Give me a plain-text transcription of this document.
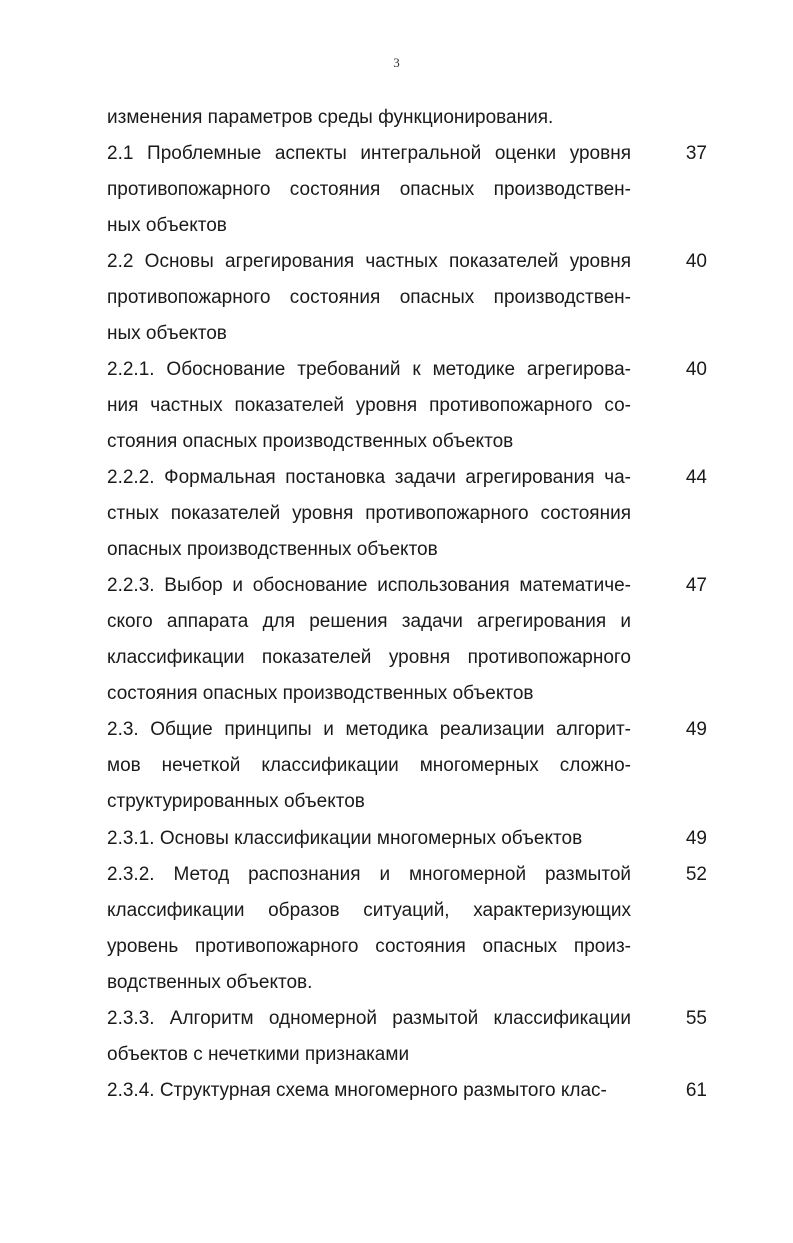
3
изменения параметров среды функционирования.
2.1 Проблемные аспекты интегральной оценки уровня
противопожарного состояния опасных производствен-
ных объектов
37
2.2 Основы агрегирования частных показателей уровня
противопожарного состояния опасных производствен-
ных объектов
40
2.2.1. Обоснование требований к методике агрегирова-
ния частных показателей уровня противопожарного со-
стояния опасных производственных объектов
40
2.2.2. Формальная постановка задачи агрегирования ча-
стных показателей уровня противопожарного состояния
опасных производственных объектов
44
2.2.3. Выбор и обоснование использования математиче-
ского аппарата для решения задачи агрегирования и
классификации показателей уровня противопожарного
состояния опасных производственных объектов
47
2.3. Общие принципы и методика реализации алгорит-
мов нечеткой классификации многомерных сложно-
структурированных объектов
49
2.3.1. Основы классификации многомерных объектов	49
2.3.2. Метод распознания и многомерной размытой
классификации образов ситуаций, характеризующих
уровень противопожарного состояния опасных произ-
водственных объектов.
52
2.3.3. Алгоритм одномерной размытой классификации
объектов с нечеткими признаками
55
2.3.4. Структурная схема многомерного размытого клас-	61
